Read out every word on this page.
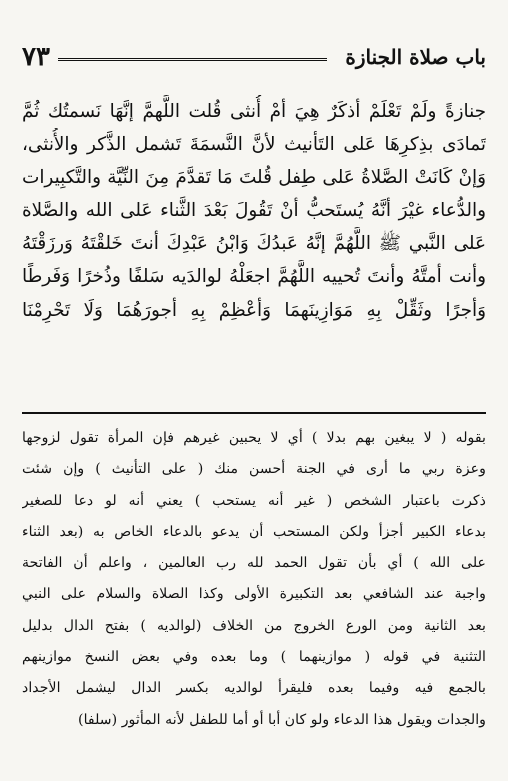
باب صلاة الجنازة
٧٣
جنازةً ولَمْ تَعْلَمْ أذكَرٌ هِيَ أمْ أُنثى قُلت اللَّهمَّ إنَّهَا نَسمتُك ثُمَّ
تَمادَى بذِكرِهَا عَلى التَأنيث لأنَّ النَّسمَةَ تَشمل الذَّكر والأُنثى،
وَإنْ كَانَتْ الصَّلاةُ عَلى طِفل قُلتَ مَا تَقدَّمَ مِنَ النِّيَّة والتَّكبِيرات
والدُّعاء غيْرَ أنَّهُ يُستَحبُّ أنْ تَقُولَ بَعْدَ الثَّناء عَلى الله والصَّلاة
عَلى النَّبي ﷺ اللَّهُمَّ إنَّهُ عَبدُكَ وَابْنُ عَبْدِكَ أنتَ خَلقْتَهُ وَرزَقْتَهُ
وأنت أمتَّهُ وأنتَ تُحييه اللَّهُمَّ اجعَلْهُ لوالدَيه سَلفًا وذُخرًا وَفَرطًا
وَأجرًا وثَقِّلْ بِهِ مَوَازِينَهمَا وَأعْظِمْ بِهِ أجورَهُمَا وَلَا تَحْرِمْنَا
بقوله ( لا يبغين بهم بدلا ) أي لا يحبين غيرهم فإن المرأة تقول لزوجها
وعزة ربي ما أرى في الجنة أحسن منك ( على التأنيث ) وإن شئت
ذكرت باعتبار الشخص ( غير أنه يستحب ) يعني أنه لو دعا للصغير
بدعاء الكبير أجزأ ولكن المستحب أن يدعو بالدعاء الخاص به (بعد الثناء
على الله ) أي بأن تقول الحمد لله رب العالمين ، واعلم أن الفاتحة
واجبة عند الشافعي بعد التكبيرة الأولى وكذا الصلاة والسلام على النبي
بعد الثانية ومن الورع الخروج من الخلاف (لوالديه ) بفتح الدال بدليل
التثنية في قوله ( موازينهما ) وما بعده وفي بعض النسخ موازينهم
بالجمع فيه وفيما بعده فليقرأ لوالديه بكسر الدال ليشمل الأجداد
والجدات ويقول هذا الدعاء ولو كان أبا أو أما للطفل لأنه المأثور (سلفا)
